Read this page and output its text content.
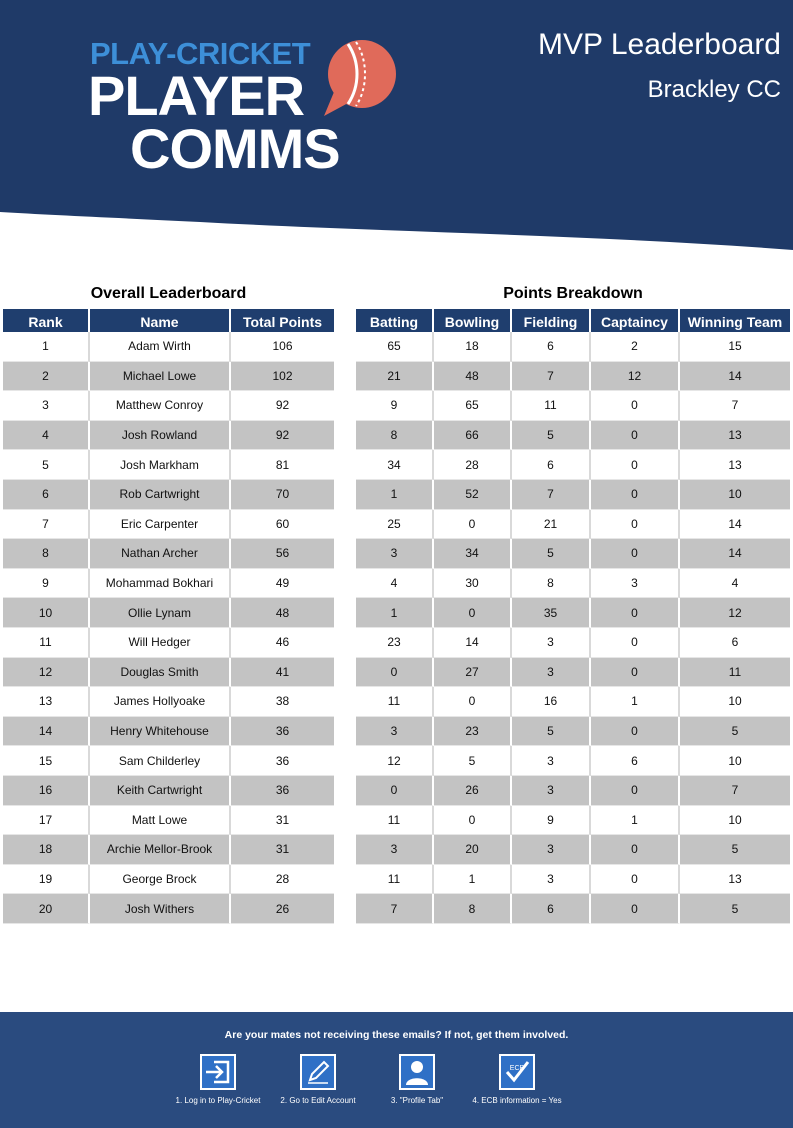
PLAY-CRICKET
PLAYER
COMMS
MVP Leaderboard
Brackley CC
Overall Leaderboard	Points Breakdown
Rank	Name	Total Points
1	Adam Wirth	106
2	Michael Lowe	102
3	Matthew Conroy	92
4	Josh Rowland	92
5	Josh Markham	81
6	Rob Cartwright	70
7	Eric Carpenter	60
8	Nathan Archer	56
9	Mohammad Bokhari	49
10	Ollie Lynam	48
11	Will Hedger	46
12	Douglas Smith	41
13	James Hollyoake	38
14	Henry Whitehouse	36
15	Sam Childerley	36
16	Keith Cartwright	36
17	Matt Lowe	31
18	Archie Mellor-Brook	31
19	George Brock	28
20	Josh Withers	26
Batting	Bowling	Fielding	Captaincy	Winning Team
65	18	6	2	15
21	48	7	12	14
9	65	11	0	7
8	66	5	0	13
34	28	6	0	13
1	52	7	0	10
25	0	21	0	14
3	34	5	0	14
4	30	8	3	4
1	0	35	0	12
23	14	3	0	6
0	27	3	0	11
11	0	16	1	10
3	23	5	0	5
12	5	3	6	10
0	26	3	0	7
11	0	9	1	10
3	20	3	0	5
11	1	3	0	13
7	8	6	0	5
Are your mates not receiving these emails? If not, get them involved.
1. Log in to Play-Cricket	2. Go to Edit Account	3. "Profile Tab"
ECB
4. ECB information = Yes
